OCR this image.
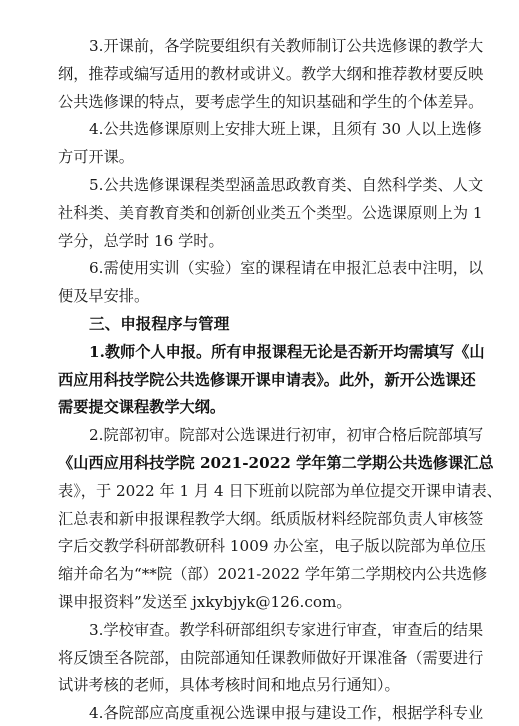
3.开课前，各学院要组织有关教师制订公共选修课的教学大
纲，推荐或编写适用的教材或讲义。教学大纲和推荐教材要反映
公共选修课的特点，要考虑学生的知识基础和学生的个体差异。
4.公共选修课原则上安排大班上课，且须有 30 人以上选修
方可开课。
5.公共选修课课程类型涵盖思政教育类、自然科学类、人文
社科类、美育教育类和创新创业类五个类型。公选课原则上为 1
学分，总学时 16 学时。
6.需使用实训（实验）室的课程请在申报汇总表中注明，以
便及早安排。
三、申报程序与管理
1.教师个人申报。所有申报课程无论是否新开均需填写《山
西应用科技学院公共选修课开课申请表》。此外，新开公选课还
需要提交课程教学大纲。
2.院部初审。院部对公选课进行初审，初审合格后院部填写
《山西应用科技学院 2021-2022 学年第二学期公共选修课汇总
表》，于 2022 年 1 月 4 日下班前以院部为单位提交开课申请表、
汇总表和新申报课程教学大纲。纸质版材料经院部负责人审核签
字后交教学科研部教研科 1009 办公室，电子版以院部为单位压
缩并命名为“**院（部）2021-2022 学年第二学期校内公共选修
课申报资料”发送至 jxkybjyk@126.com。
3.学校审查。教学科研部组织专家进行审查，审查后的结果
将反馈至各院部，由院部通知任课教师做好开课准备（需要进行
试讲考核的老师，具体考核时间和地点另行通知）。
4.各院部应高度重视公选课申报与建设工作，根据学科专业
